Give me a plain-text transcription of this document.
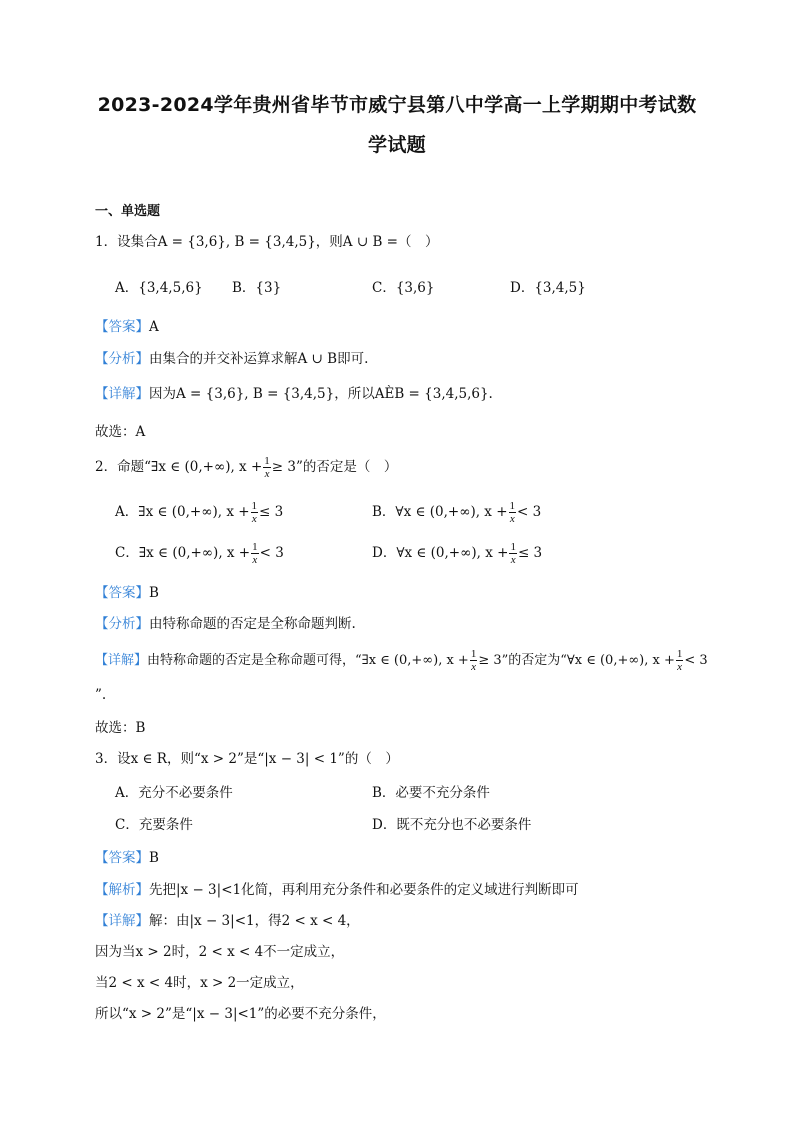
2023-2024学年贵州省毕节市威宁县第八中学高一上学期期中考试数
学试题
一、单选题
1．设集合A = {3,6}, B = {3,4,5}，则A ∪ B =（　）
A．{3,4,5,6} B．{3}	C．{3,6}	D．{3,4,5}
【答案】A
【分析】由集合的并交补运算求解A ∪ B即可.
【详解】因为A = {3,6}, B = {3,4,5}，所以AÈB = {3,4,5,6}.
故选：A
2．命题“∃x ∈ (0,+∞), $x + \frac{1}{x} \ge 3$”的否定是（　）
A．∃x ∈ (0,+∞), $x + \frac{1}{x} \le 3$	B．∀x ∈ (0,+∞), $x + \frac{1}{x} < 3$
C．∃x ∈ (0,+∞), $x + \frac{1}{x} < 3$	D．∀x ∈ (0,+∞), $x + \frac{1}{x} \le 3$
【答案】B
【分析】由特称命题的否定是全称命题判断.
【详解】由特称命题的否定是全称命题可得，“∃x ∈ (0,+∞), $x + \frac{1}{x} \ge 3$”的否定为“∀x ∈ (0,+∞), $x + \frac{1}{x} < 3$
”.
故选：B
3．设x ∈ R，则“x > 2”是“|x − 3| < 1”的（　）
A．充分不必要条件	B．必要不充分条件
C．充要条件	D．既不充分也不必要条件
【答案】B
【解析】先把|x − 3|<1化简，再利用充分条件和必要条件的定义域进行判断即可
【详解】解：由|x − 3|<1，得2 < x < 4，
因为当x > 2时，2 < x < 4不一定成立，
当2 < x < 4时，x > 2一定成立，
所以“x > 2”是“|x − 3|<1”的必要不充分条件，
